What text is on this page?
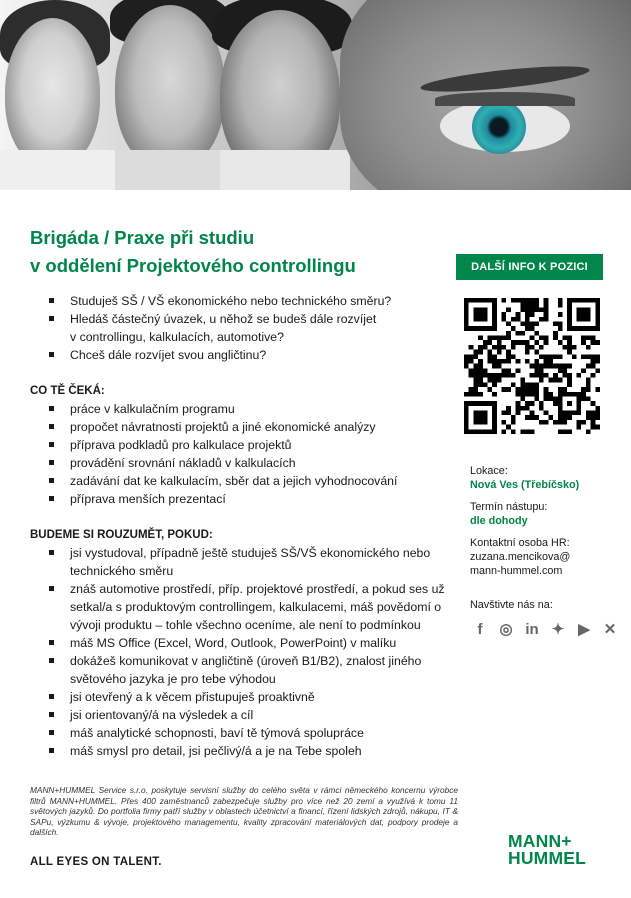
Brigáda / Praxe při studiu
v oddělení Projektového controllingu	DALŠÍ INFO K POZICI
Studuješ SŠ / VŠ ekonomického nebo technického směru?
Hledáš částečný úvazek, u něhož se budeš dále rozvíjet
v controllingu, kalkulacích, automotive?
Chceš dále rozvíjet svou angličtinu?
CO TĚ ČEKÁ:
práce v kalkulačním programu
propočet návratnosti projektů a jiné ekonomické analýzy
příprava podkladů pro kalkulace projektů
provádění srovnání nákladů v kalkulacích
zadávání dat ke kalkulacím, sběr dat a jejich vyhodnocování
příprava menších prezentací
BUDEME SI ROUZUMĚT, POKUD:
jsi vystudoval, případně ještě studuješ SŠ/VŠ ekonomického nebo technického směru
znáš automotive prostředí, příp. projektové prostředí, a pokud ses už setkal/a s produktovým controllingem, kalkulacemi, máš povědomí o vývoji produktu – tohle všechno oceníme, ale není to podmínkou
máš MS Office (Excel, Word, Outlook, PowerPoint) v malíku
dokážeš komunikovat v angličtině (úroveň B1/B2), znalost jiného světového jazyka je pro tebe výhodou
jsi otevřený a k věcem přistupuješ proaktivně
jsi orientovaný/á na výsledek a cíl
máš analytické schopnosti, baví tě týmová spolupráce
máš smysl pro detail, jsi pečlivý/á a je na Tebe spoleh
Lokace:
Nová Ves (Třebíčsko)
Termín nástupu:
dle dohody
Kontaktní osoba HR:
zuzana.mencikova@
mann-hummel.com
Navštivte nás na:
f	◎ in ✦ ▶ ✕
MANN+HUMMEL Service s.r.o. poskytuje servisní služby do celého světa v rámci německého koncernu výrobce filtrů MANN+HUMMEL. Přes 400 zaměstnanců zabezpečuje služby pro více než 20 zemí a využívá k tomu 11 světových jazyků. Do portfolia firmy patří služby v oblastech účetnictví a financí, řízení lidských zdrojů, nákupu, IT & SAPu, výzkumu & vývoje, projektového managementu, kvality zpracování materiálových dat, podpory prodeje a dalších.
ALL EYES ON TALENT.
MANN+
HUMMEL
